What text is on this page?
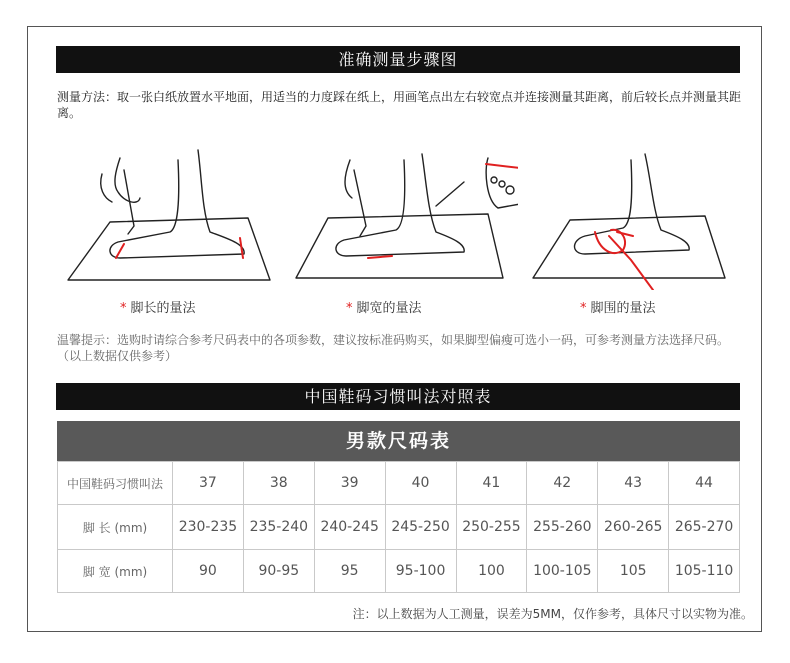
准确测量步骤图
测量方法：取一张白纸放置水平地面，用适当的力度踩在纸上，用画笔点出左右较宽点并连接测量其距离，前后较长点并测量其距离。
* 脚长的量法	* 脚宽的量法	* 脚围的量法
温馨提示：选购时请综合参考尺码表中的各项参数，建议按标准码购买，如果脚型偏瘦可选小一码，可参考测量方法选择尺码。（以上数据仅供参考）
中国鞋码习惯叫法对照表
男款尺码表
中国鞋码习惯叫法	37	38	39	40	41	42	43	44
脚 长 (mm)	230-235	235-240	240-245	245-250	250-255	255-260	260-265	265-270
脚 宽 (mm)	90	90-95	95	95-100	100	100-105	105	105-110
注：以上数据为人工测量，误差为5MM，仅作参考，具体尺寸以实物为准。
